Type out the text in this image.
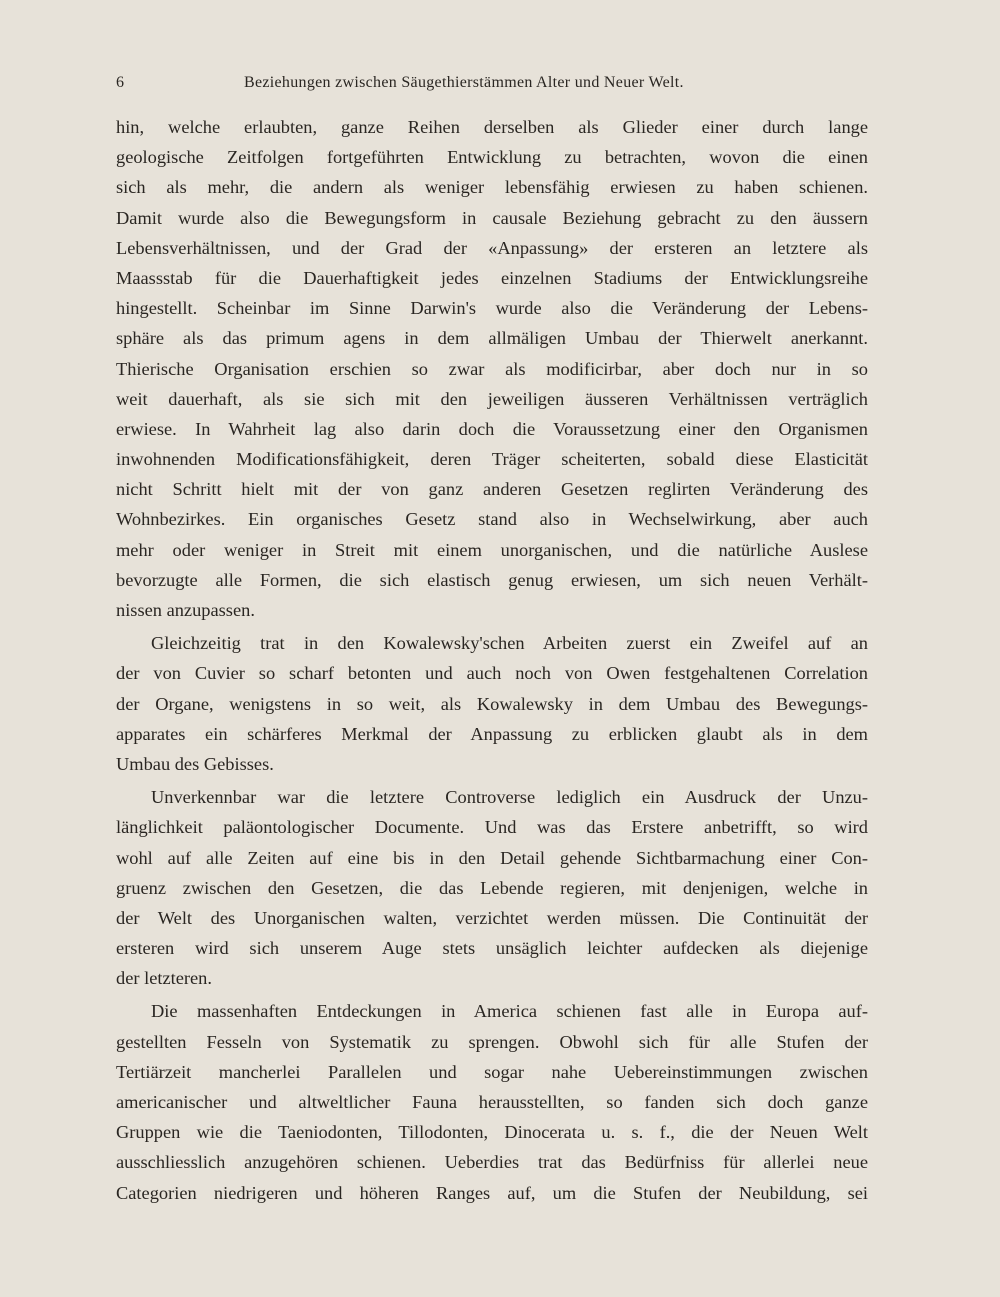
6	Beziehungen zwischen Säugethierstämmen Alter und Neuer Welt.
hin, welche erlaubten, ganze Reihen derselben als Glieder einer durch lange
geologische Zeitfolgen fortgeführten Entwicklung zu betrachten, wovon die einen
sich als mehr, die andern als weniger lebensfähig erwiesen zu haben schienen.
Damit wurde also die Bewegungsform in causale Beziehung gebracht zu den äussern
Lebensverhältnissen, und der Grad der «Anpassung» der ersteren an letztere als
Maassstab für die Dauerhaftigkeit jedes einzelnen Stadiums der Entwicklungsreihe
hingestellt. Scheinbar im Sinne Darwin's wurde also die Veränderung der Lebens-
sphäre als das primum agens in dem allmäligen Umbau der Thierwelt anerkannt.
Thierische Organisation erschien so zwar als modificirbar, aber doch nur in so
weit dauerhaft, als sie sich mit den jeweiligen äusseren Verhältnissen verträglich
erwiese. In Wahrheit lag also darin doch die Voraussetzung einer den Organismen
inwohnenden Modificationsfähigkeit, deren Träger scheiterten, sobald diese Elasticität
nicht Schritt hielt mit der von ganz anderen Gesetzen reglirten Veränderung des
Wohnbezirkes. Ein organisches Gesetz stand also in Wechselwirkung, aber auch
mehr oder weniger in Streit mit einem unorganischen, und die natürliche Auslese
bevorzugte alle Formen, die sich elastisch genug erwiesen, um sich neuen Verhält-
nissen anzupassen.
Gleichzeitig trat in den Kowalewsky'schen Arbeiten zuerst ein Zweifel auf an
der von Cuvier so scharf betonten und auch noch von Owen festgehaltenen Correlation
der Organe, wenigstens in so weit, als Kowalewsky in dem Umbau des Bewegungs-
apparates ein schärferes Merkmal der Anpassung zu erblicken glaubt als in dem
Umbau des Gebisses.
Unverkennbar war die letztere Controverse lediglich ein Ausdruck der Unzu-
länglichkeit paläontologischer Documente. Und was das Erstere anbetrifft, so wird
wohl auf alle Zeiten auf eine bis in den Detail gehende Sichtbarmachung einer Con-
gruenz zwischen den Gesetzen, die das Lebende regieren, mit denjenigen, welche in
der Welt des Unorganischen walten, verzichtet werden müssen. Die Continuität der
ersteren wird sich unserem Auge stets unsäglich leichter aufdecken als diejenige
der letzteren.
Die massenhaften Entdeckungen in America schienen fast alle in Europa auf-
gestellten Fesseln von Systematik zu sprengen. Obwohl sich für alle Stufen der
Tertiärzeit mancherlei Parallelen und sogar nahe Uebereinstimmungen zwischen
americanischer und altweltlicher Fauna herausstellten, so fanden sich doch ganze
Gruppen wie die Taeniodonten, Tillodonten, Dinocerata u. s. f., die der Neuen Welt
ausschliesslich anzugehören schienen. Ueberdies trat das Bedürfniss für allerlei neue
Categorien niedrigeren und höheren Ranges auf, um die Stufen der Neubildung, sei
